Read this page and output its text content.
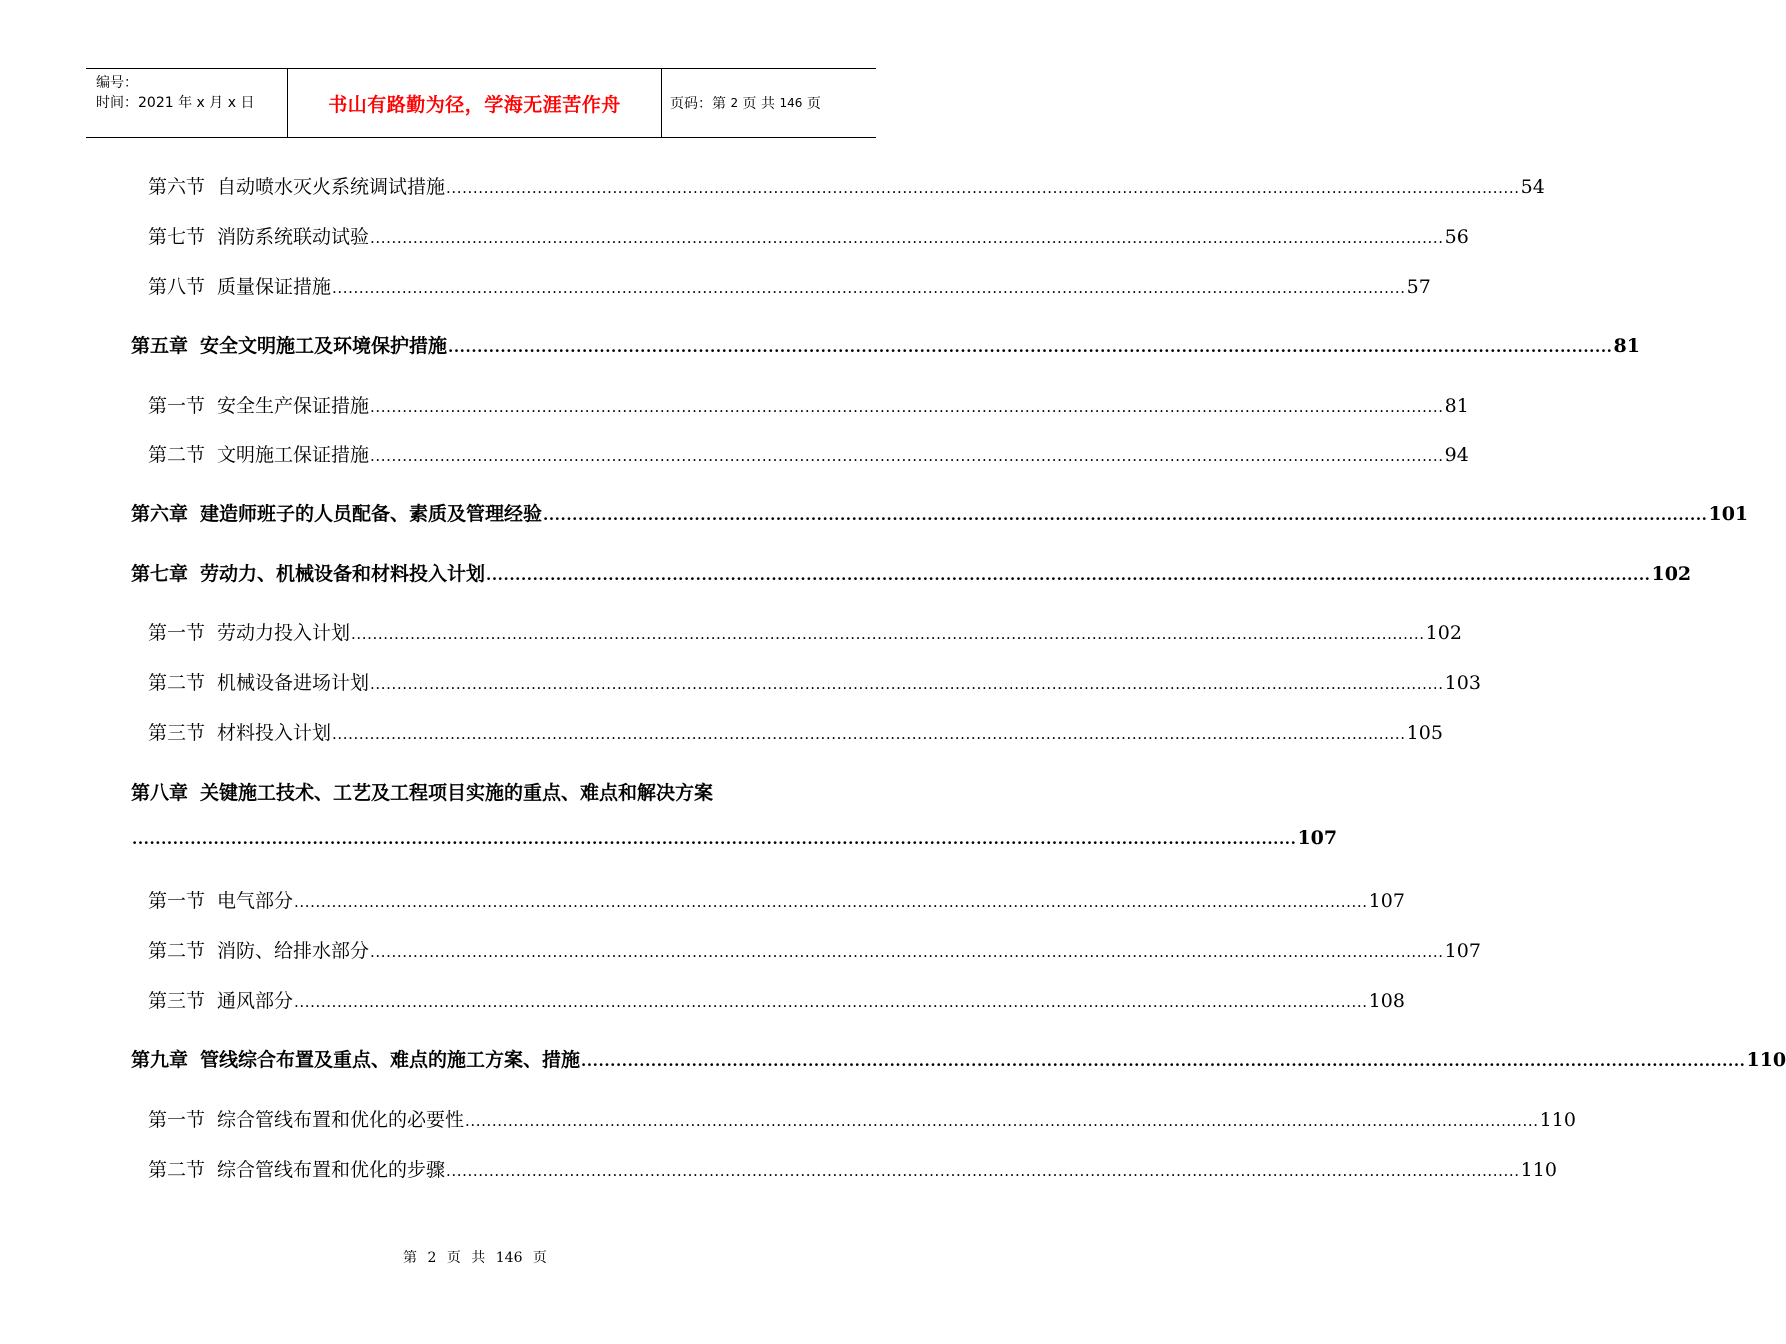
编号：
时间：2021 年 x 月 x 日	书山有路勤为径，学海无涯苦作舟	页码：第
2
页 共
146
页
第六节 自动喷水灭火系统调试措施 ........................................................................................................................................................................................................ 54
第七节 消防系统联动试验 ........................................................................................................................................................................................................ 56
第八节 质量保证措施 ........................................................................................................................................................................................................ 57
第五章 安全文明施工及环境保护措施 ........................................................................................................................................................................................................ 81
第一节 安全生产保证措施 ........................................................................................................................................................................................................ 81
第二节 文明施工保证措施 ........................................................................................................................................................................................................ 94
第六章 建造师班子的人员配备、素质及管理经验 ........................................................................................................................................................................................................ 101
第七章 劳动力、机械设备和材料投入计划 ........................................................................................................................................................................................................ 102
第一节 劳动力投入计划 ........................................................................................................................................................................................................ 102
第二节 机械设备进场计划 ........................................................................................................................................................................................................ 103
第三节 材料投入计划 ........................................................................................................................................................................................................ 105
第八章 关键施工技术、工艺及工程项目实施的重点、难点和解决方案
........................................................................................................................................................................................................ 107
第一节 电气部分 ........................................................................................................................................................................................................ 107
第二节 消防、给排水部分 ........................................................................................................................................................................................................ 107
第三节 通风部分 ........................................................................................................................................................................................................ 108
第九章 管线综合布置及重点、难点的施工方案、措施 ........................................................................................................................................................................................................ 110
第一节 综合管线布置和优化的必要性 ........................................................................................................................................................................................................ 110
第二节 综合管线布置和优化的步骤 ........................................................................................................................................................................................................ 110
第 2 页 共 146 页
